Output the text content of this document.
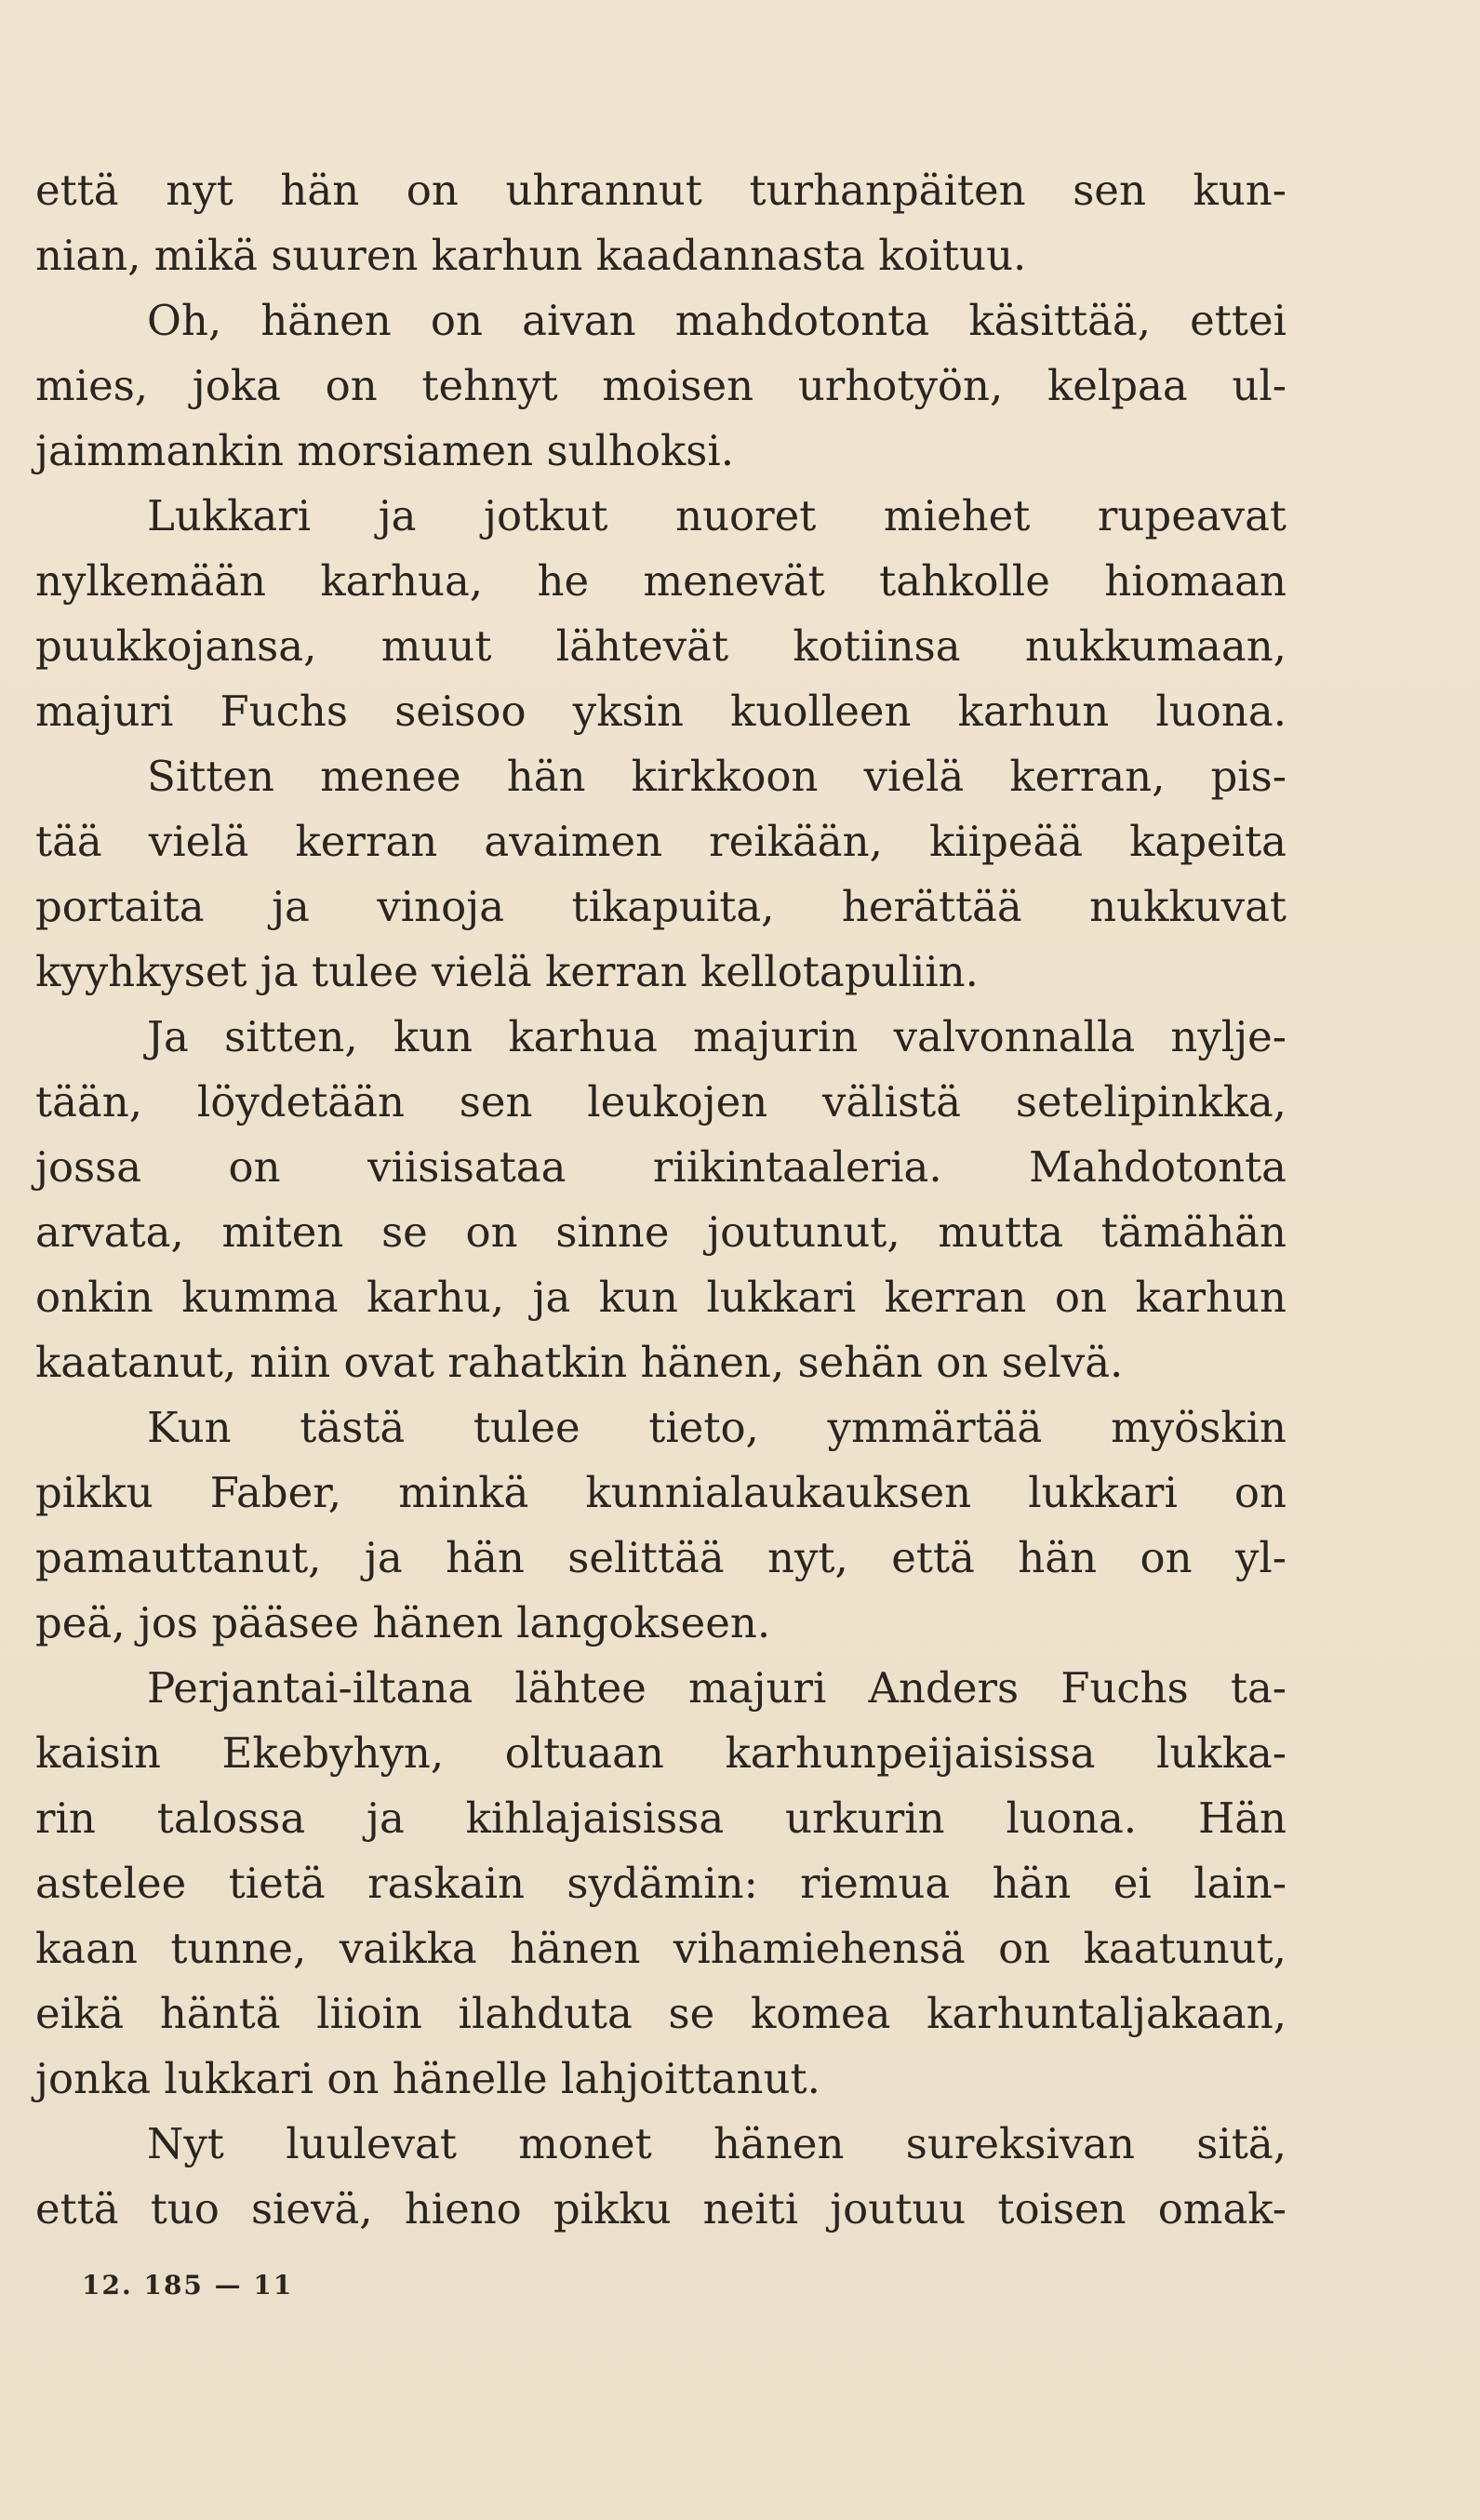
että nyt hän on uhrannut turhanpäiten sen kun-
nian, mikä suuren karhun kaadannasta koituu.
Oh, hänen on aivan mahdotonta käsittää, ettei
mies, joka on tehnyt moisen urhotyön, kelpaa ul-
jaimmankin morsiamen sulhoksi.
Lukkari ja jotkut nuoret miehet rupeavat
nylkemään karhua, he menevät tahkolle hiomaan
puukkojansa, muut lähtevät kotiinsa nukkumaan,
majuri Fuchs seisoo yksin kuolleen karhun luona.
Sitten menee hän kirkkoon vielä kerran, pis-
tää vielä kerran avaimen reikään, kiipeää kapeita
portaita ja vinoja tikapuita, herättää nukkuvat
kyyhkyset ja tulee vielä kerran kellotapuliin.
Ja sitten, kun karhua majurin valvonnalla nylje-
tään, löydetään sen leukojen välistä setelipinkka,
jossa on viisisataa riikintaaleria. Mahdotonta
arvata, miten se on sinne joutunut, mutta tämähän
onkin kumma karhu, ja kun lukkari kerran on karhun
kaatanut, niin ovat rahatkin hänen, sehän on selvä.
Kun tästä tulee tieto, ymmärtää myöskin
pikku Faber, minkä kunnialaukauksen lukkari on
pamauttanut, ja hän selittää nyt, että hän on yl-
peä, jos pääsee hänen langokseen.
Perjantai-iltana lähtee majuri Anders Fuchs ta-
kaisin Ekebyhyn, oltuaan karhunpeijaisissa lukka-
rin talossa ja kihlajaisissa urkurin luona. Hän
astelee tietä raskain sydämin: riemua hän ei lain-
kaan tunne, vaikka hänen vihamiehensä on kaatunut,
eikä häntä liioin ilahduta se komea karhuntaljakaan,
jonka lukkari on hänelle lahjoittanut.
Nyt luulevat monet hänen sureksivan sitä,
että tuo sievä, hieno pikku neiti joutuu toisen omak-
12. 185 — 11
